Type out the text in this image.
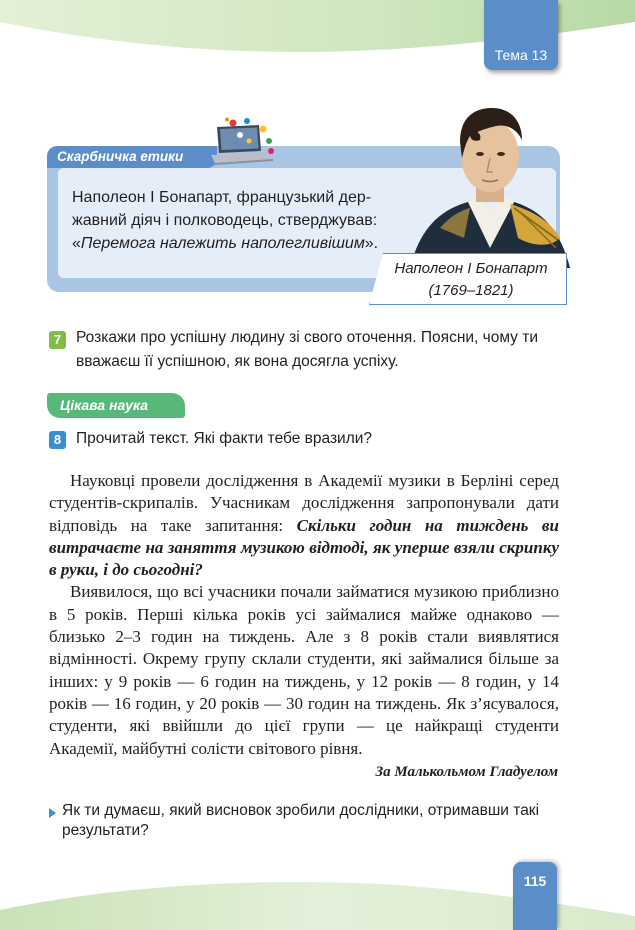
Тема 13
Скарбничка етики
Наполеон І Бонапарт, французький дер-
жавний діяч і полководець, стверджував:
«Перемога належить наполегливішим».
Наполеон І Бонапарт
(1769–1821)
7 Розкажи про успішну людину зі свого оточення. Поясни, чому ти
вважаєш її успішною, як вона досягла успіху.
Цікава наука
8 Прочитай текст. Які факти тебе вразили?

Науковці провели дослідження в Академії музики в Берліні серед студентів-скрипалів. Учасникам дослідження запропонували дати відповідь на таке запитання: Скільки годин на тиждень ви витрачаєте на заняття музикою відтоді, як уперше взяли скрипку в руки, і до сьогодні?

Виявилося, що всі учасники почали займатися музикою приблизно в 5 років. Перші кілька років усі займалися майже однаково — близько 2–3 годин на тиждень. Але з 8 років стали виявлятися відмінності. Окрему групу склали студенти, які займалися більше за інших: у 9 років — 6 годин на тиждень, у 12 років — 8 годин, у 14 років — 16 годин, у 20 років — 30 годин на тиждень. Як з’ясувалося, студенти, які ввійшли до цієї групи — це найкращі студенти Академії, майбутні солісти світового рівня.

За Малькольмом Гладуелом
Як ти думаєш, який висновок зробили дослідники, отримавши такі результати?
115
